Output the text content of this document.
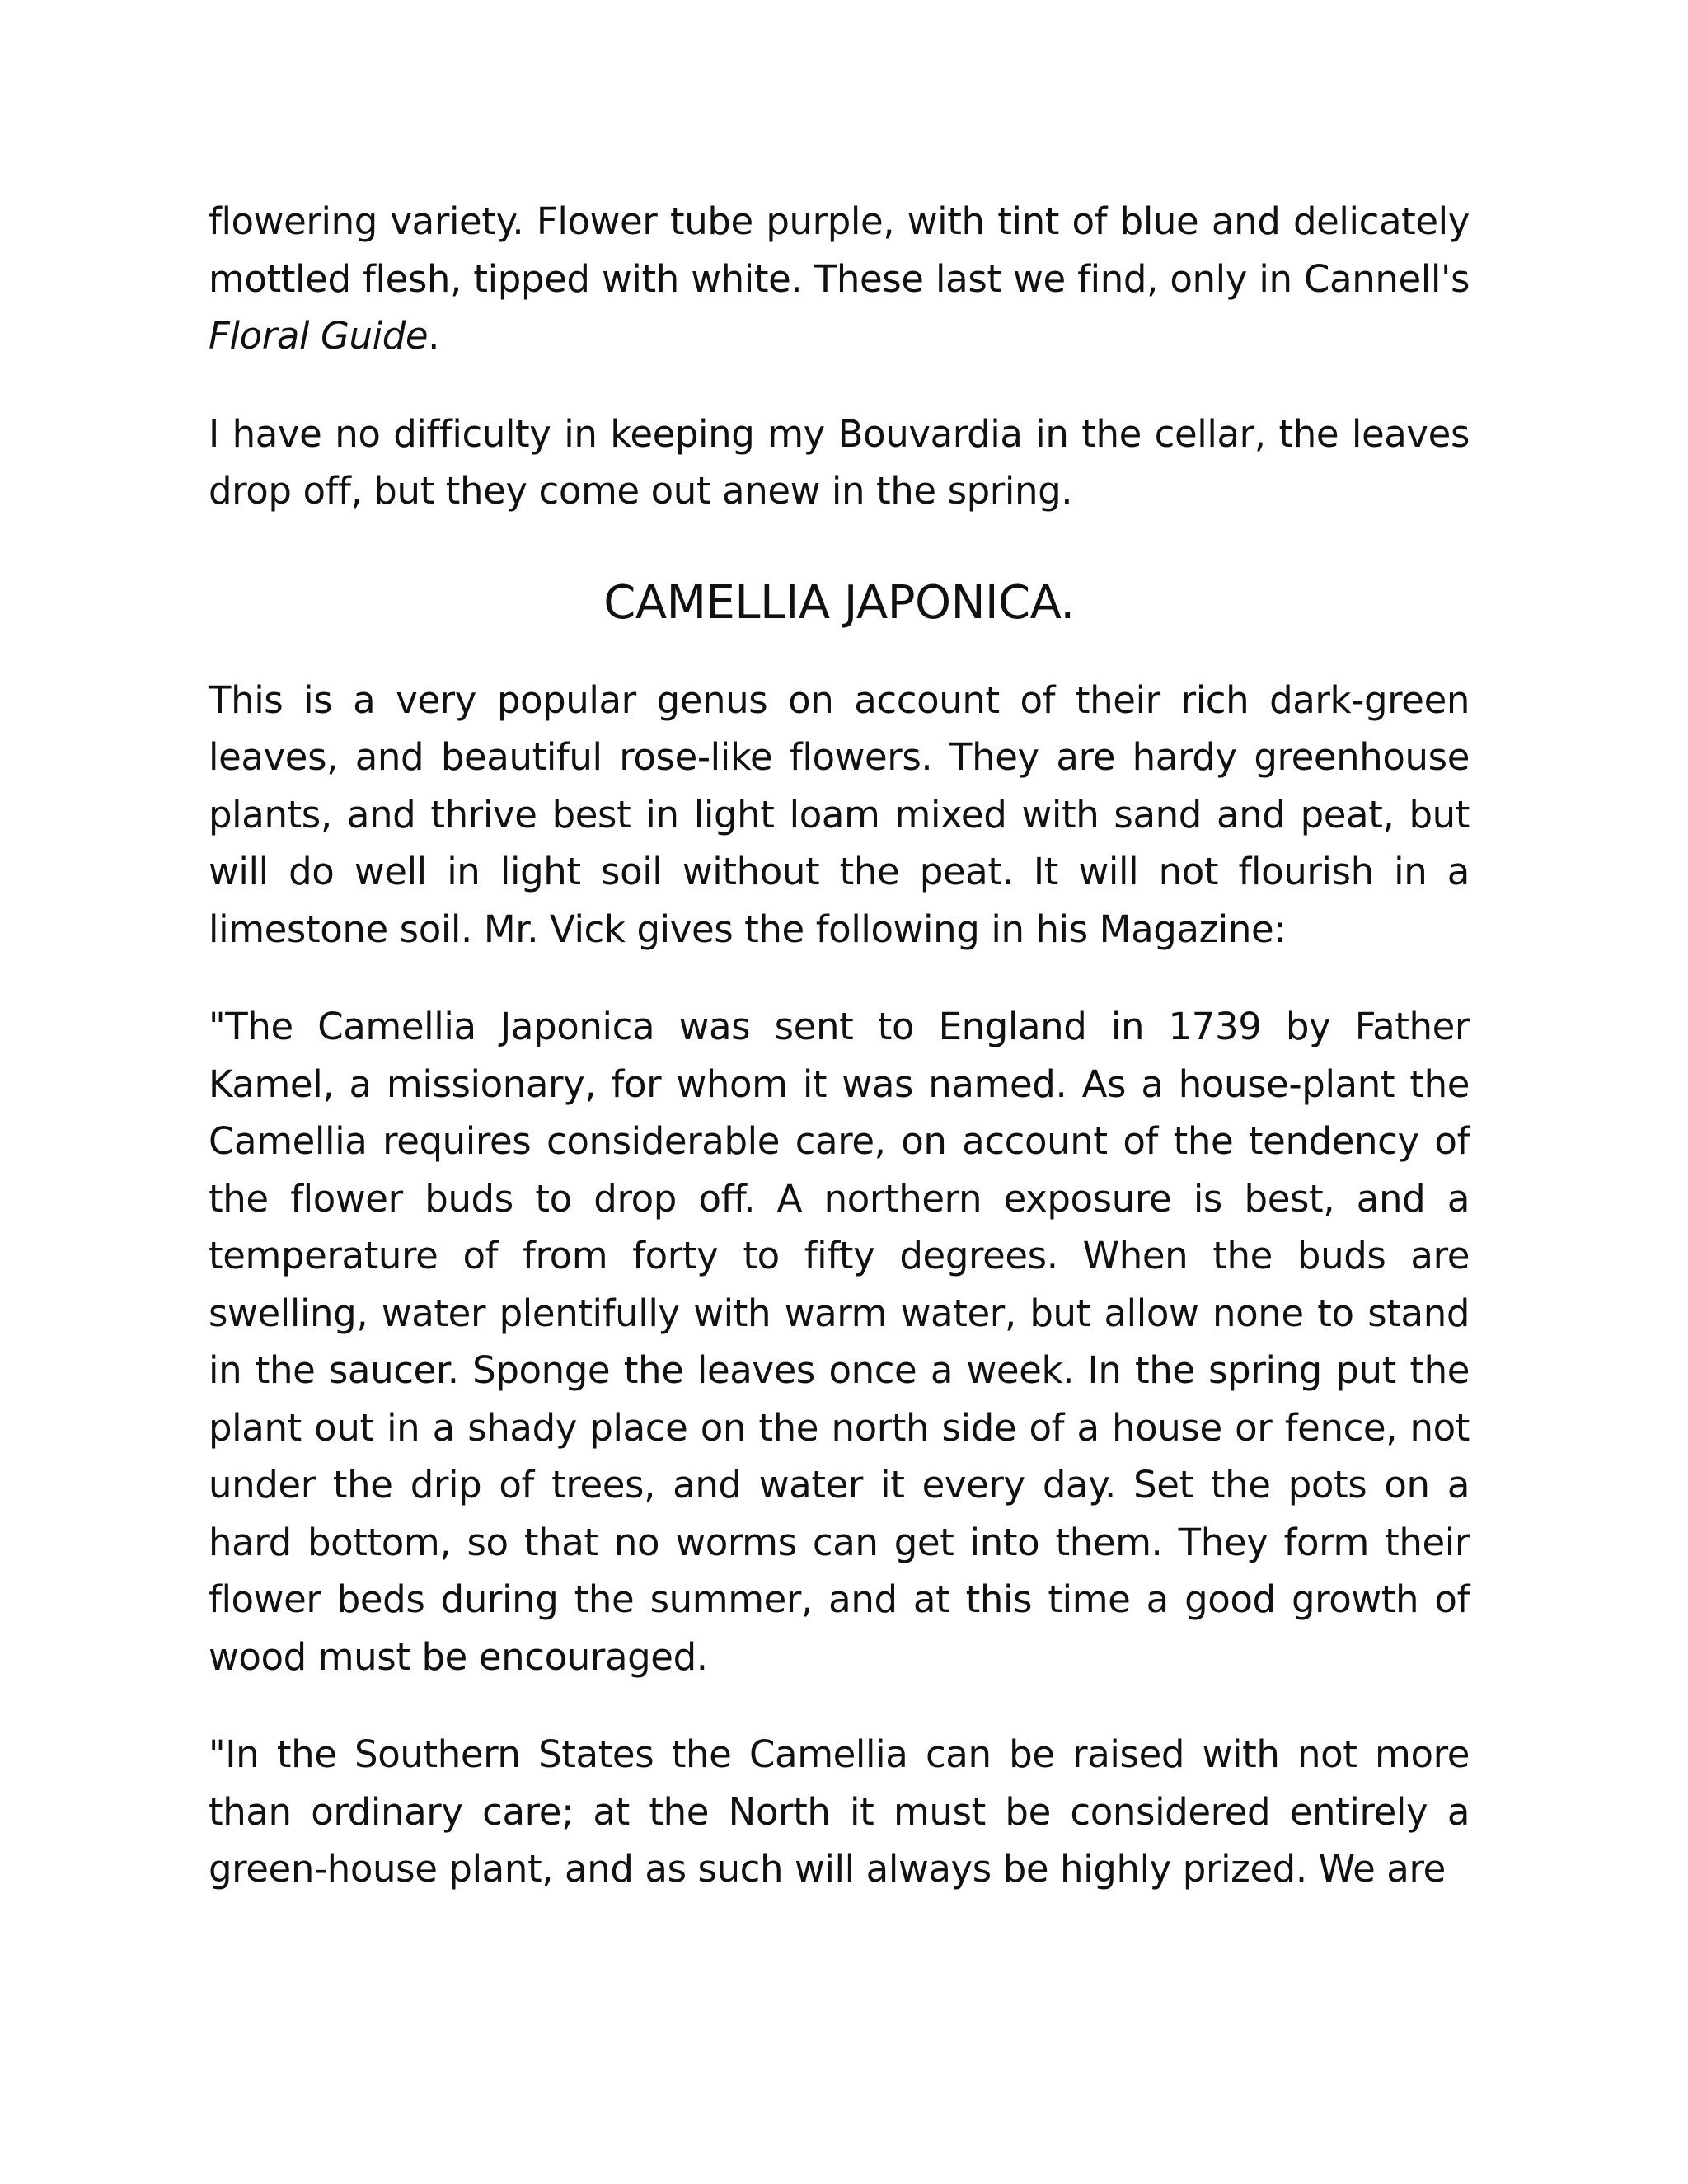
flowering variety. Flower tube purple, with tint of blue and delicately mottled flesh, tipped with white. These last we find, only in Cannell's Floral Guide.

I have no difficulty in keeping my Bouvardia in the cellar, the leaves drop off, but they come out anew in the spring.

CAMELLIA JAPONICA.

This is a very popular genus on account of their rich dark-green leaves, and beautiful rose-like flowers. They are hardy greenhouse plants, and thrive best in light loam mixed with sand and peat, but will do well in light soil without the peat. It will not flourish in a limestone soil. Mr. Vick gives the following in his Magazine:

"The Camellia Japonica was sent to England in 1739 by Father Kamel, a missionary, for whom it was named. As a house-plant the Camellia requires considerable care, on account of the tendency of the flower buds to drop off. A northern exposure is best, and a temperature of from forty to fifty degrees. When the buds are swelling, water plentifully with warm water, but allow none to stand in the saucer. Sponge the leaves once a week. In the spring put the plant out in a shady place on the north side of a house or fence, not under the drip of trees, and water it every day. Set the pots on a hard bottom, so that no worms can get into them. They form their flower beds during the summer, and at this time a good growth of wood must be encouraged.

"In the Southern States the Camellia can be raised with not more than ordinary care; at the North it must be considered entirely a green-house plant, and as such will always be highly prized. We are
